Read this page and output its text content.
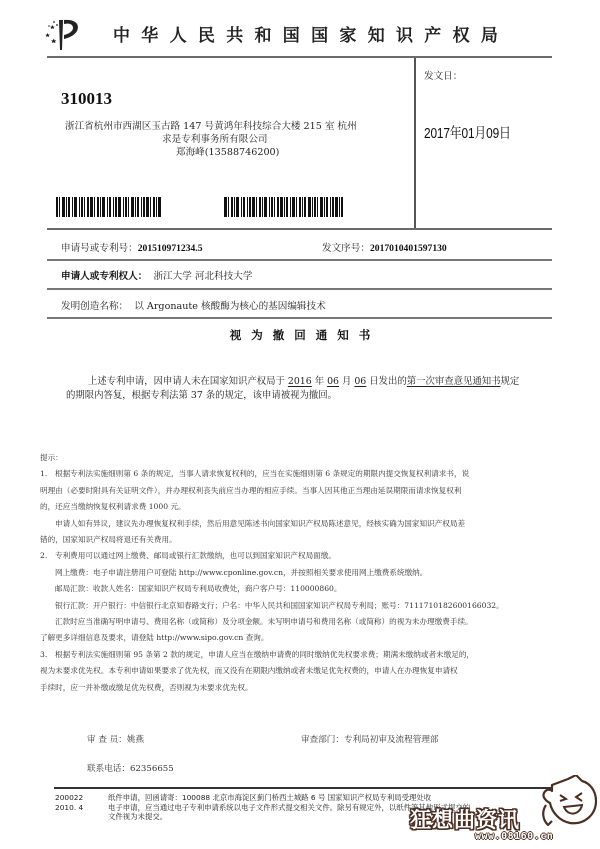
中华人民共和国国家知识产权局
310013
浙江省杭州市西湖区玉古路 147 号黄鸿年科技综合大楼 215 室 杭州
求是专利事务所有限公司
郑海峰(13588746200)
发文日：
2017年01月09日
申请号或专利号：201510971234.5	发文序号：2017010401597130
申请人或专利权人： 浙江大学 河北科技大学
发明创造名称： 以 Argonaute 核酸酶为核心的基因编辑技术
视为撤回通知书
上述专利申请，因申请人未在国家知识产权局于 2016 年 06 月 06 日发出的第一次审查意见通知书规定
的期限内答复，根据专利法第 37 条的规定，该申请被视为撤回。
提示：
1. 根据专利法实施细则第 6 条的规定，当事人请求恢复权利的，应当在实施细则第 6 条规定的期限内提交恢复权利请求书，说
明理由（必要时附具有关证明文件），并办理权利丧失前应当办理的相应手续。当事人因其他正当理由延误期限而请求恢复权利
的，还应当缴纳恢复权利请求费 1000 元。
申请人如有异议，建议先办理恢复权利手续，然后用意见陈述书向国家知识产权局陈述意见，经核实确为国家知识产权局差
错的，国家知识产权局将退还有关费用。
2. 专利费用可以通过网上缴费、邮局或银行汇款缴纳，也可以到国家知识产权局面缴。
网上缴费：电子申请注册用户可登陆 http://www.cponline.gov.cn，并按照相关要求使用网上缴费系统缴纳。
邮局汇款：收款人姓名：国家知识产权局专利局收费处，商户客户号：110000860。
银行汇款：开户银行：中信银行北京知春路支行；户名：中华人民共和国国家知识产权局专利局；账号：7111710182600166032。
汇款时应当准确写明申请号、费用名称（或简称）及分项金额。未写明申请号和费用名称（或简称）的视为未办理缴费手续。
了解更多详细信息及要求，请登陆 http://www.sipo.gov.cn 查询。
3. 根据专利法实施细则第 95 条第 2 款的规定，申请人应当在缴纳申请费的同时缴纳优先权要求费；期满未缴纳或者未缴足的，
视为未要求优先权。本专利申请如果要求了优先权，而又没有在期限内缴纳或者未缴足优先权费的，申请人在办理恢复申请权
手续时，应一并补缴或缴足优先权费，否则视为未要求优先权。
审 查 员：姚燕	审查部门：专利局初审及流程管理部
联系电话：62356655
200022
2010. 4
纸件申请，回函请寄：100088 北京市海淀区蓟门桥西土城路 6 号 国家知识产权局专利局受理处收
电子申请，应当通过电子专利申请系统以电子文件形式提交相关文件。除另有规定外，以纸件等其他形式提交的
文件视为未提交。	狂想曲资讯
www.08160.cn
